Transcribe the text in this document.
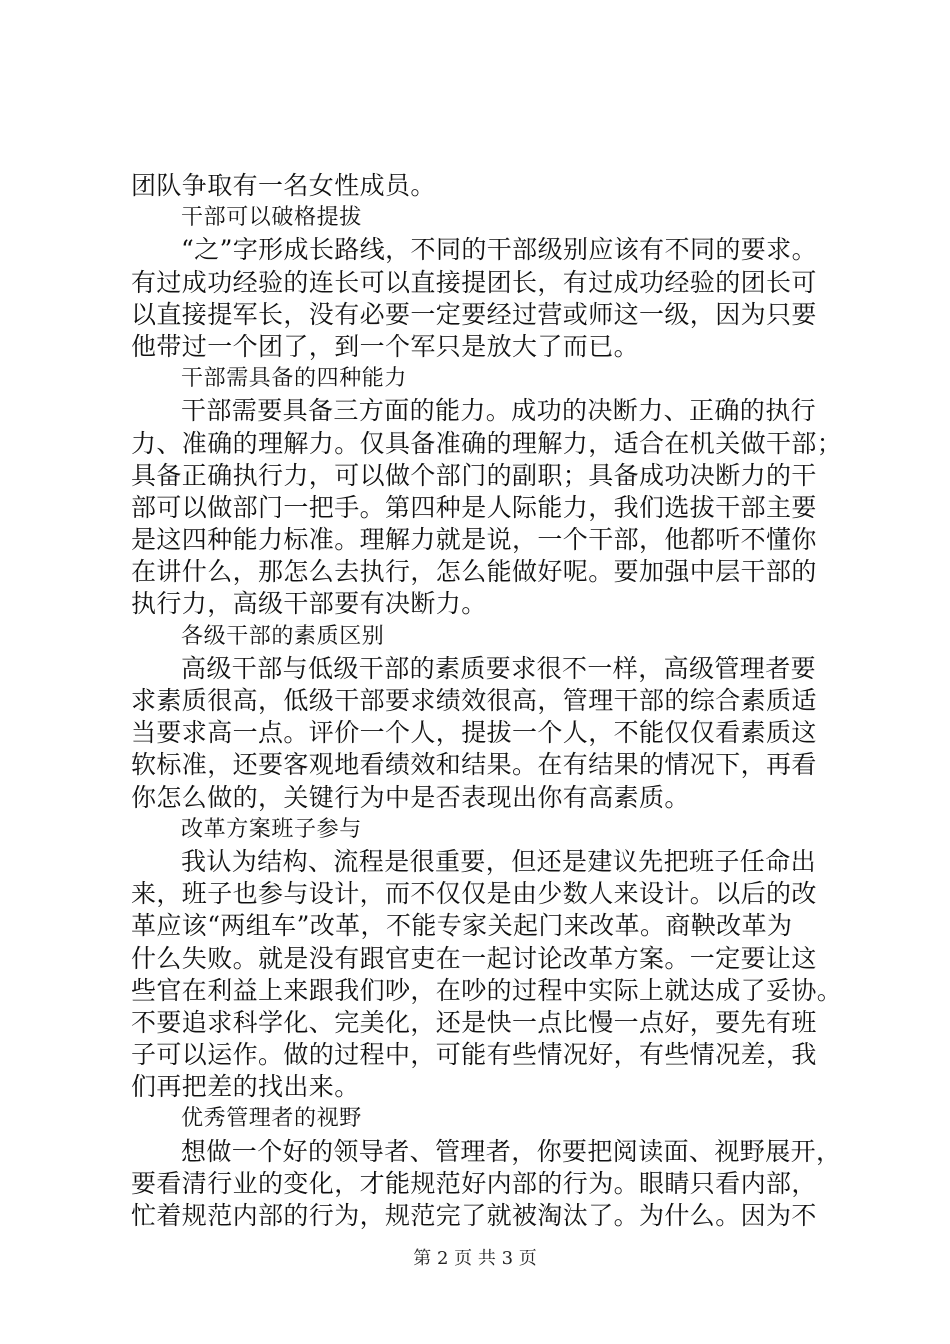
团队争取有一名女性成员。
干部可以破格提拔
“之”字形成长路线，不同的干部级别应该有不同的要求。
有过成功经验的连长可以直接提团长，有过成功经验的团长可
以直接提军长，没有必要一定要经过营或师这一级，因为只要
他带过一个团了，到一个军只是放大了而已。
干部需具备的四种能力
干部需要具备三方面的能力。成功的决断力、正确的执行
力、准确的理解力。仅具备准确的理解力，适合在机关做干部；
具备正确执行力，可以做个部门的副职；具备成功决断力的干
部可以做部门一把手。第四种是人际能力，我们选拔干部主要
是这四种能力标准。理解力就是说，一个干部，他都听不懂你
在讲什么，那怎么去执行，怎么能做好呢。要加强中层干部的
执行力，高级干部要有决断力。
各级干部的素质区别
高级干部与低级干部的素质要求很不一样，高级管理者要
求素质很高，低级干部要求绩效很高，管理干部的综合素质适
当要求高一点。评价一个人，提拔一个人，不能仅仅看素质这
软标准，还要客观地看绩效和结果。在有结果的情况下，再看
你怎么做的，关键行为中是否表现出你有高素质。
改革方案班子参与
我认为结构、流程是很重要，但还是建议先把班子任命出
来，班子也参与设计，而不仅仅是由少数人来设计。以后的改
革应该“两组车”改革，不能专家关起门来改革。商鞅改革为
什么失败。就是没有跟官吏在一起讨论改革方案。一定要让这
些官在利益上来跟我们吵，在吵的过程中实际上就达成了妥协。
不要追求科学化、完美化，还是快一点比慢一点好，要先有班
子可以运作。做的过程中，可能有些情况好，有些情况差，我
们再把差的找出来。
优秀管理者的视野
想做一个好的领导者、管理者，你要把阅读面、视野展开，
要看清行业的变化，才能规范好内部的行为。眼睛只看内部，
忙着规范内部的行为，规范完了就被淘汰了。为什么。因为不
第 2 页 共 3 页
